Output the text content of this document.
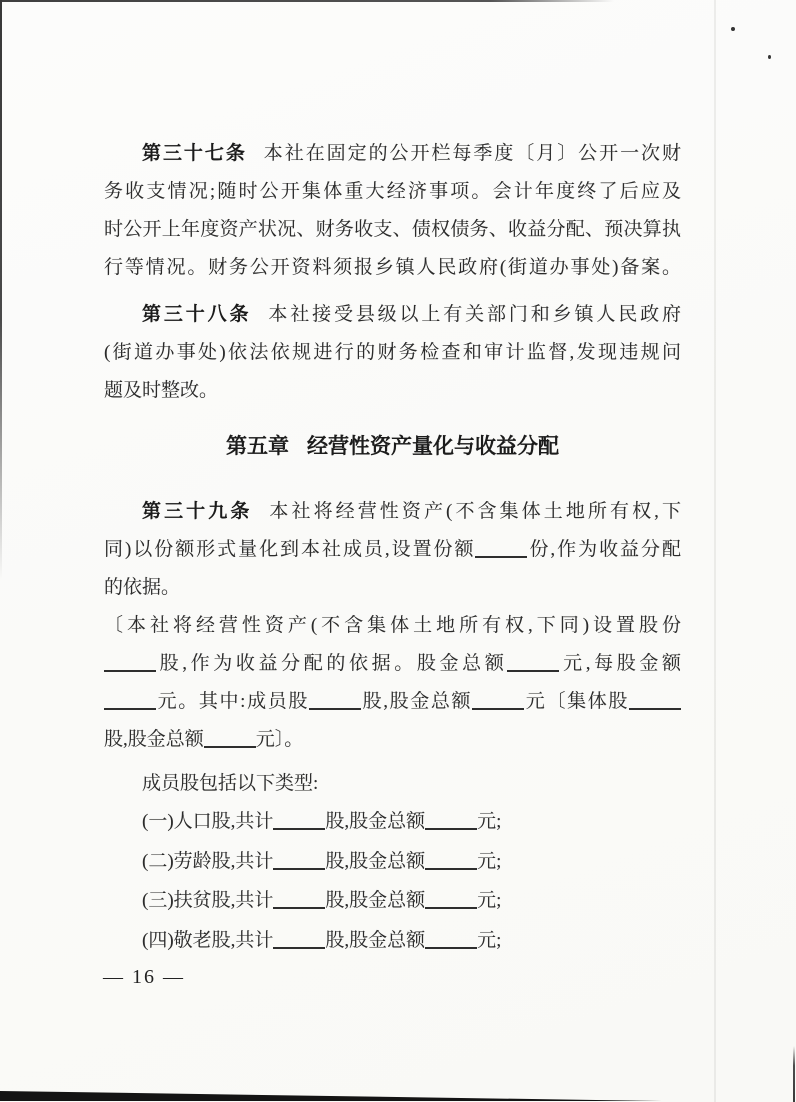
第三十七条 本社在固定的公开栏每季度〔月〕公开一次财
务收支情况;随时公开集体重大经济事项。会计年度终了后应及
时公开上年度资产状况、财务收支、债权债务、收益分配、预决算执
行等情况。财务公开资料须报乡镇人民政府(街道办事处)备案。
第三十八条 本社接受县级以上有关部门和乡镇人民政府
(街道办事处)依法依规进行的财务检查和审计监督,发现违规问
题及时整改。
第五章 经营性资产量化与收益分配
第三十九条 本社将经营性资产(不含集体土地所有权,下
同)以份额形式量化到本社成员,设置份额	份,作为收益分配
的依据。
〔本社将经营性资产(不含集体土地所有权,下同)设置股份
股,作为收益分配的依据。股金总额	元,每股金额
元。其中:成员股	股,股金总额	元〔集体股
股,股金总额	元〕。
成员股包括以下类型:
(一)人口股,共计	股,股金总额	元;
(二)劳龄股,共计	股,股金总额	元;
(三)扶贫股,共计	股,股金总额	元;
(四)敬老股,共计	股,股金总额	元;
— 16 —
